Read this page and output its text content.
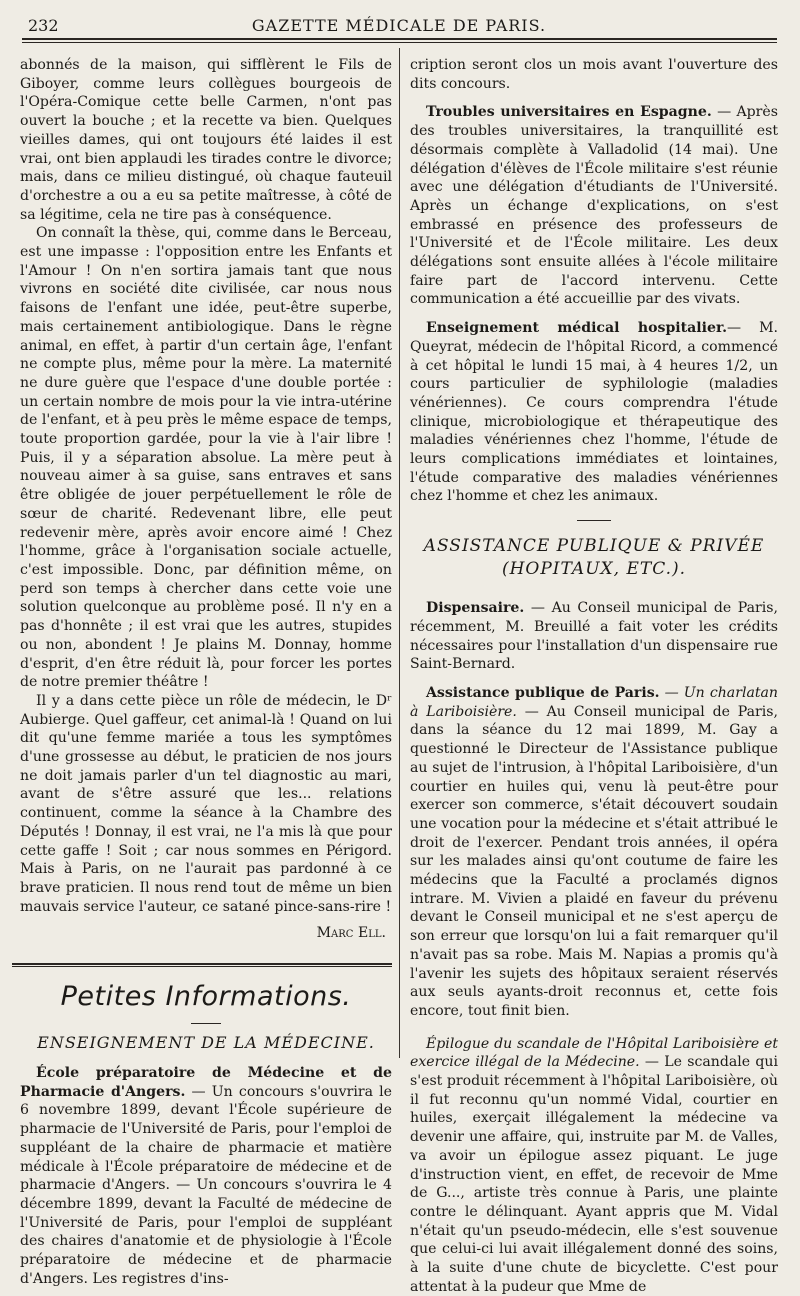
232	GAZETTE MÉDICALE DE PARIS.

abonnés de la maison, qui sifflèrent le Fils de Giboyer, comme leurs collègues bourgeois de l'Opéra-Comique cette belle Carmen, n'ont pas ouvert la bouche ; et la recette va bien. Quelques vieilles dames, qui ont toujours été laides il est vrai, ont bien applaudi les tirades contre le divorce; mais, dans ce milieu distingué, où chaque fauteuil d'orchestre a ou a eu sa petite maîtresse, à côté de sa légitime, cela ne tire pas à conséquence.

On connaît la thèse, qui, comme dans le Berceau, est une impasse : l'opposition entre les Enfants et l'Amour ! On n'en sortira jamais tant que nous vivrons en société dite civilisée, car nous nous faisons de l'enfant une idée, peut-être superbe, mais certainement antibiologique. Dans le règne animal, en effet, à partir d'un certain âge, l'enfant ne compte plus, même pour la mère. La maternité ne dure guère que l'espace d'une double portée : un certain nombre de mois pour la vie intra-utérine de l'enfant, et à peu près le même espace de temps, toute proportion gardée, pour la vie à l'air libre ! Puis, il y a séparation absolue. La mère peut à nouveau aimer à sa guise, sans entraves et sans être obligée de jouer perpétuellement le rôle de sœur de charité. Redevenant libre, elle peut redevenir mère, après avoir encore aimé ! Chez l'homme, grâce à l'organisation sociale actuelle, c'est impossible. Donc, par définition même, on perd son temps à chercher dans cette voie une solution quelconque au problème posé. Il n'y en a pas d'honnête ; il est vrai que les autres, stupides ou non, abondent ! Je plains M. Donnay, homme d'esprit, d'en être réduit là, pour forcer les portes de notre premier théâtre !

Il y a dans cette pièce un rôle de médecin, le Dʳ Aubierge. Quel gaffeur, cet animal-là ! Quand on lui dit qu'une femme mariée a tous les symptômes d'une grossesse au début, le praticien de nos jours ne doit jamais parler d'un tel diagnostic au mari, avant de s'être assuré que les... relations continuent, comme la séance à la Chambre des Députés ! Donnay, il est vrai, ne l'a mis là que pour cette gaffe ! Soit ; car nous sommes en Périgord. Mais à Paris, on ne l'aurait pas pardonné à ce brave praticien. Il nous rend tout de même un bien mauvais service l'auteur, ce satané pince-sans-rire !

Marc Ell.
Petites Informations.
ENSEIGNEMENT DE LA MÉDECINE.

École préparatoire de Médecine et de Pharmacie d'Angers. — Un concours s'ouvrira le 6 novembre 1899, devant l'École supérieure de pharmacie de l'Université de Paris, pour l'emploi de suppléant de la chaire de pharmacie et matière médicale à l'École préparatoire de médecine et de pharmacie d'Angers. — Un concours s'ouvrira le 4 décembre 1899, devant la Faculté de médecine de l'Université de Paris, pour l'emploi de suppléant des chaires d'anatomie et de physiologie à l'École préparatoire de médecine et de pharmacie d'Angers. Les registres d'ins-

cription seront clos un mois avant l'ouverture des dits concours.

Troubles universitaires en Espagne. — Après des troubles universitaires, la tranquillité est désormais complète à Valladolid (14 mai). Une délégation d'élèves de l'École militaire s'est réunie avec une délégation d'étudiants de l'Université. Après un échange d'explications, on s'est embrassé en présence des professeurs de l'Université et de l'École militaire. Les deux délégations sont ensuite allées à l'école militaire faire part de l'accord intervenu. Cette communication a été accueillie par des vivats.

Enseignement médical hospitalier.— M. Queyrat, médecin de l'hôpital Ricord, a commencé à cet hôpital le lundi 15 mai, à 4 heures 1/2, un cours particulier de syphilologie (maladies vénériennes). Ce cours comprendra l'étude clinique, microbiologique et thérapeutique des maladies vénériennes chez l'homme, l'étude de leurs complications immédiates et lointaines, l'étude comparative des maladies vénériennes chez l'homme et chez les animaux.

ASSISTANCE PUBLIQUE & PRIVÉE
(HOPITAUX, ETC.).

Dispensaire. — Au Conseil municipal de Paris, récemment, M. Breuillé a fait voter les crédits nécessaires pour l'installation d'un dispensaire rue Saint-Bernard.

Assistance publique de Paris. — Un charlatan à Lariboisière. — Au Conseil municipal de Paris, dans la séance du 12 mai 1899, M. Gay a questionné le Directeur de l'Assistance publique au sujet de l'intrusion, à l'hôpital Lariboisière, d'un courtier en huiles qui, venu là peut-être pour exercer son commerce, s'était découvert soudain une vocation pour la médecine et s'était attribué le droit de l'exercer. Pendant trois années, il opéra sur les malades ainsi qu'ont coutume de faire les médecins que la Faculté a proclamés dignos intrare. M. Vivien a plaidé en faveur du prévenu devant le Conseil municipal et ne s'est aperçu de son erreur que lorsqu'on lui a fait remarquer qu'il n'avait pas sa robe. Mais M. Napias a promis qu'à l'avenir les sujets des hôpitaux seraient réservés aux seuls ayants-droit reconnus et, cette fois encore, tout finit bien.

Épilogue du scandale de l'Hôpital Lariboisière et exercice illégal de la Médecine. — Le scandale qui s'est produit récemment à l'hôpital Lariboisière, où il fut reconnu qu'un nommé Vidal, courtier en huiles, exerçait illégalement la médecine va devenir une affaire, qui, instruite par M. de Valles, va avoir un épilogue assez piquant. Le juge d'instruction vient, en effet, de recevoir de Mme de G..., artiste très connue à Paris, une plainte contre le délinquant. Ayant appris que M. Vidal n'était qu'un pseudo-médecin, elle s'est souvenue que celui-ci lui avait illégalement donné des soins, à la suite d'une chute de bicyclette. C'est pour attentat à la pudeur que Mme de
